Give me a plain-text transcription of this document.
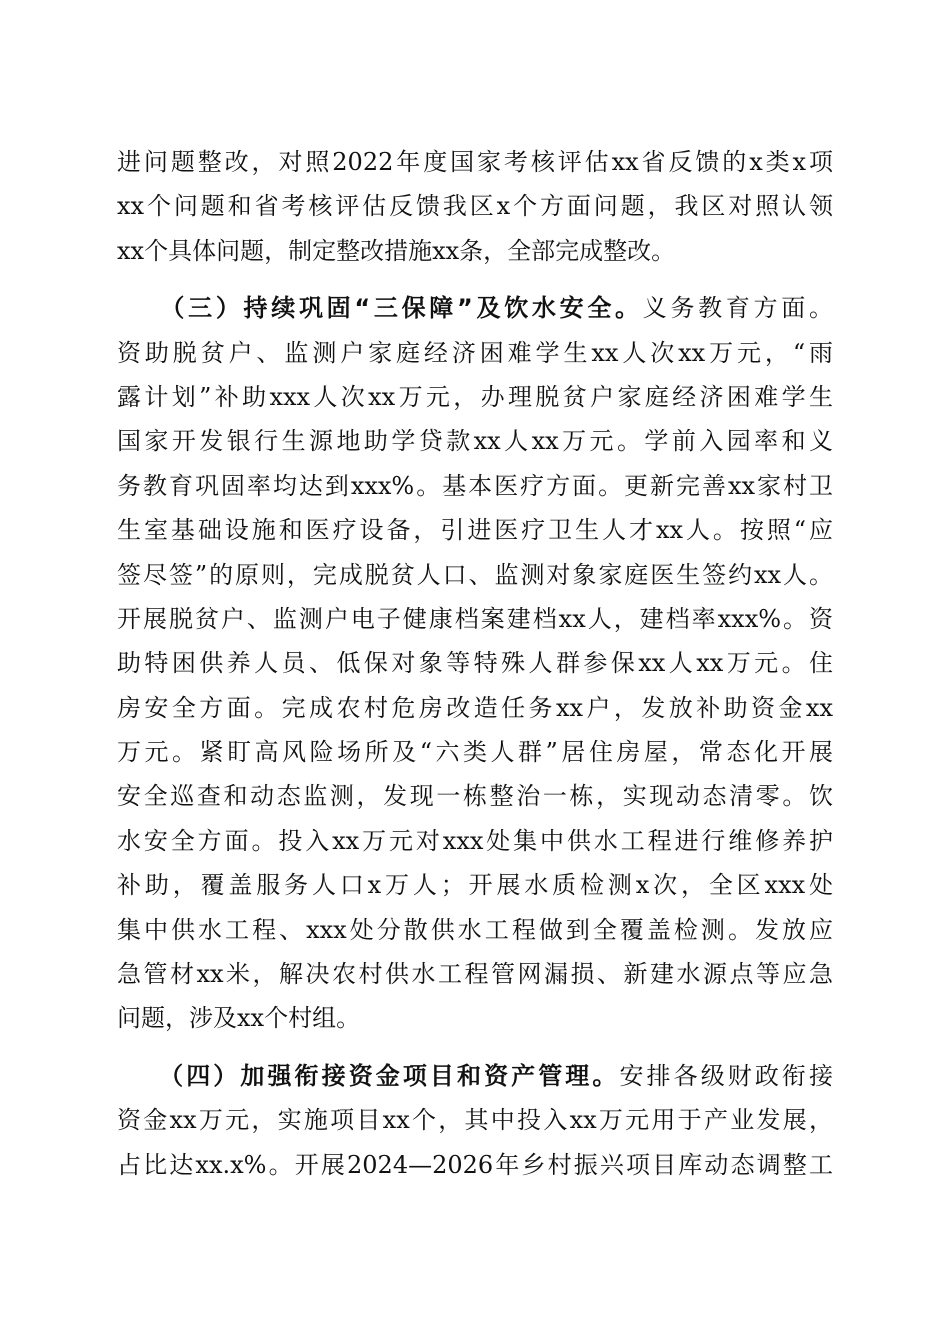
进问题整改，对照2022年度国家考核评估xx省反馈的x类x项
xx个问题和省考核评估反馈我区x个方面问题，我区对照认领
xx个具体问题，制定整改措施xx条，全部完成整改。
　　（三）持续巩固“三保障”及饮水安全。义务教育方面。
资助脱贫户、监测户家庭经济困难学生xx人次xx万元，“雨
露计划”补助xxx人次xx万元，办理脱贫户家庭经济困难学生
国家开发银行生源地助学贷款xx人xx万元。学前入园率和义
务教育巩固率均达到xxx%。基本医疗方面。更新完善xx家村卫
生室基础设施和医疗设备，引进医疗卫生人才xx人。按照“应
签尽签”的原则，完成脱贫人口、监测对象家庭医生签约xx人。
开展脱贫户、监测户电子健康档案建档xx人，建档率xxx%。资
助特困供养人员、低保对象等特殊人群参保xx人xx万元。住
房安全方面。完成农村危房改造任务xx户，发放补助资金xx
万元。紧盯高风险场所及“六类人群”居住房屋，常态化开展
安全巡查和动态监测，发现一栋整治一栋，实现动态清零。饮
水安全方面。投入xx万元对xxx处集中供水工程进行维修养护
补助，覆盖服务人口x万人；开展水质检测x次，全区xxx处
集中供水工程、xxx处分散供水工程做到全覆盖检测。发放应
急管材xx米，解决农村供水工程管网漏损、新建水源点等应急
问题，涉及xx个村组。
　　（四）加强衔接资金项目和资产管理。安排各级财政衔接
资金xx万元，实施项目xx个，其中投入xx万元用于产业发展，
占比达xx.x%。开展2024—2026年乡村振兴项目库动态调整工
